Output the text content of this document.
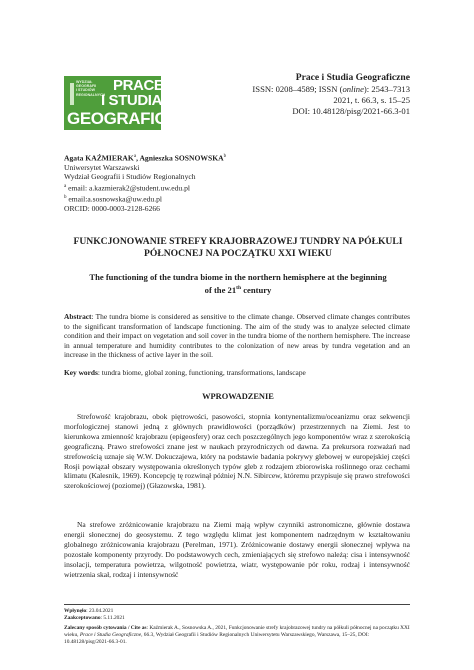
WYDZIAŁ
GEOGRAFII
I STUDIÓW
REGIONALNYCH
PRACE
I STUDIA
GEOGRAFICZNE
Prace i Studia Geograficzne
ISSN: 0208–4589; ISSN (online): 2543–7313
2021, t. 66.3, s. 15–25
DOI: 10.48128/pisg/2021-66.3-01
Agata KAŹMIERAK$^a$, Agnieszka SOSNOWSKA$^b$
Uniwersytet Warszawski
Wydział Geografii i Studiów Regionalnych
$^a$ email: a.kazmierak2@student.uw.edu.pl
$^b$ email:a.sosnowska@uw.edu.pl
ORCID: 0000-0003-2128-6266
FUNKCJONOWANIE STREFY KRAJOBRAZOWEJ TUNDRY NA PÓŁKULI
PÓŁNOCNEJ NA POCZĄTKU XXI WIEKU
The functioning of the tundra biome in the northern hemisphere at the beginning
of the 21th century
Abstract: The tundra biome is considered as sensitive to the climate change. Observed climate changes contributes to the significant transformation of landscape functioning. The aim of the study was to analyze selected climate condition and their impact on vegetation and soil cover in the tundra biome of the northern hemisphere. The increase in annual temperature and humidity contributes to the colonization of new areas by tundra vegetation and an increase in the thickness of active layer in the soil.
Key words: tundra biome, global zoning, functioning, transformations, landscape
WPROWADZENIE
Strefowość krajobrazu, obok piętrowości, pasowości, stopnia kontynentalizmu/oceanizmu oraz sekwencji morfologicznej stanowi jedną z głównych prawidłowości (porządków) przestrzennych na Ziemi. Jest to kierunkowa zmienność krajobrazu (epigeosfery) oraz cech poszczególnych jego komponentów wraz z szerokością geograficzną. Prawo strefowości znane jest w naukach przyrodniczych od dawna. Za prekursora rozważań nad strefowością uznaje się W.W. Dokuczajewa, który na podstawie badania pokrywy glebowej w europejskiej części Rosji powiązał obszary występowania określonych typów gleb z rodzajem zbiorowiska roślinnego oraz cechami klimatu (Kalesnik, 1969). Koncepcję tę rozwinął później N.N. Sibircew, któremu przypisuje się prawo strefowości szerokościowej (poziomej) (Głazowska, 1981).
Na strefowe zróżnicowanie krajobrazu na Ziemi mają wpływ czynniki astronomiczne, głównie dostawa energii słonecznej do geosystemu. Z tego względu klimat jest komponentem nadrzędnym w kształtowaniu globalnego zróżnicowania krajobrazu (Perelman, 1971). Zróżnicowanie dostawy energii słonecznej wpływa na pozostałe komponenty przyrody. Do podstawowych cech, zmieniających się strefowo należą: cisa i intensywność insolacji, temperatura powietrza, wilgotność powietrza, wiatr, występowanie pór roku, rodzaj i intensywność wietrzenia skał, rodzaj i intensywność
Wpłynęło: 23.04.2021
Zaakceptowano: 5.11.2021
Zalecany sposób cytowania / Cite as: Kaźmierak A., Sosnowska A., 2021, Funkcjonowanie strefy krajobrazowej tundry na półkuli północnej na początku XXI wieku, Prace i Studia Geograficzne, 66.3, Wydział Geografii i Studiów Regionalnych Uniwersytetu Warszawskiego, Warszawa, 15–25, DOI: 10.48128/pisg/2021-66.3-01.
